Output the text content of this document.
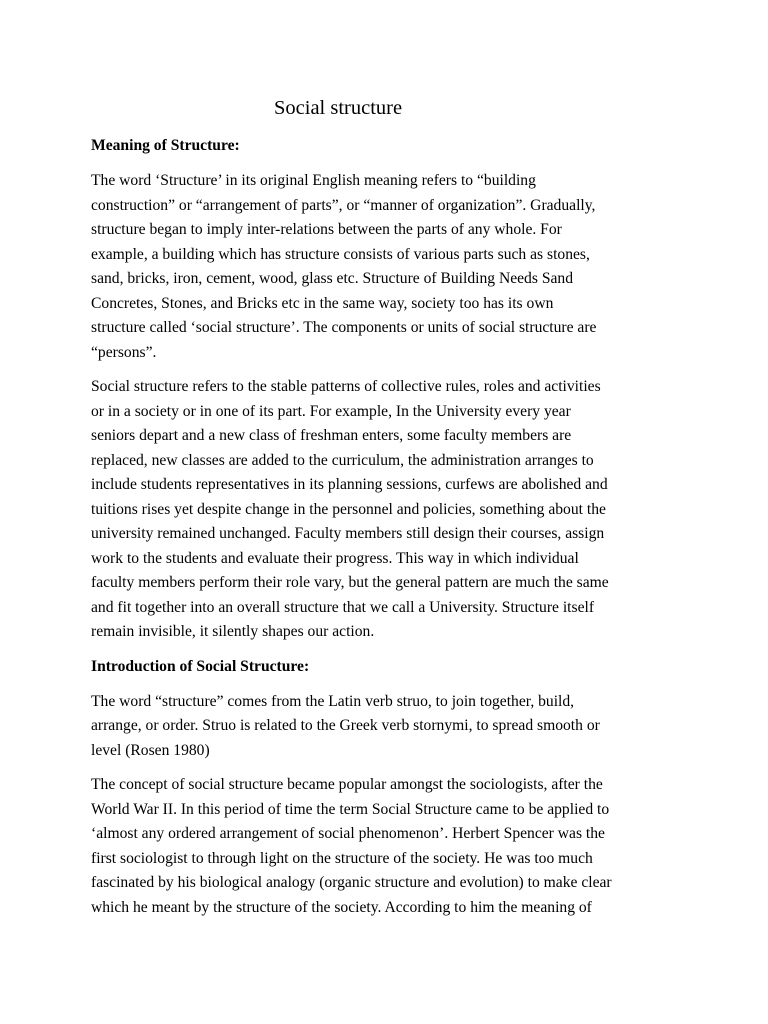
Social structure
Meaning of Structure:

The word ‘Structure’ in its original English meaning refers to “building
construction” or “arrangement of parts”, or “manner of organization”. Gradually,
structure began to imply inter-relations between the parts of any whole. For
example, a building which has structure consists of various parts such as stones,
sand, bricks, iron, cement, wood, glass etc. Structure of Building Needs Sand
Concretes, Stones, and Bricks etc in the same way, society too has its own
structure called ‘social structure’. The components or units of social structure are
“persons”.

Social structure refers to the stable patterns of collective rules, roles and activities
or in a society or in one of its part. For example, In the University every year
seniors depart and a new class of freshman enters, some faculty members are
replaced, new classes are added to the curriculum, the administration arranges to
include students representatives in its planning sessions, curfews are abolished and
tuitions rises yet despite change in the personnel and policies, something about the
university remained unchanged. Faculty members still design their courses, assign
work to the students and evaluate their progress. This way in which individual
faculty members perform their role vary, but the general pattern are much the same
and fit together into an overall structure that we call a University. Structure itself
remain invisible, it silently shapes our action.

Introduction of Social Structure:

The word “structure” comes from the Latin verb struo, to join together, build,
arrange, or order. Struo is related to the Greek verb stornymi, to spread smooth or
level (Rosen 1980)

The concept of social structure became popular amongst the sociologists, after the
World War II. In this period of time the term Social Structure came to be applied to
‘almost any ordered arrangement of social phenomenon’. Herbert Spencer was the
first sociologist to through light on the structure of the society. He was too much
fascinated by his biological analogy (organic structure and evolution) to make clear
which he meant by the structure of the society. According to him the meaning of
